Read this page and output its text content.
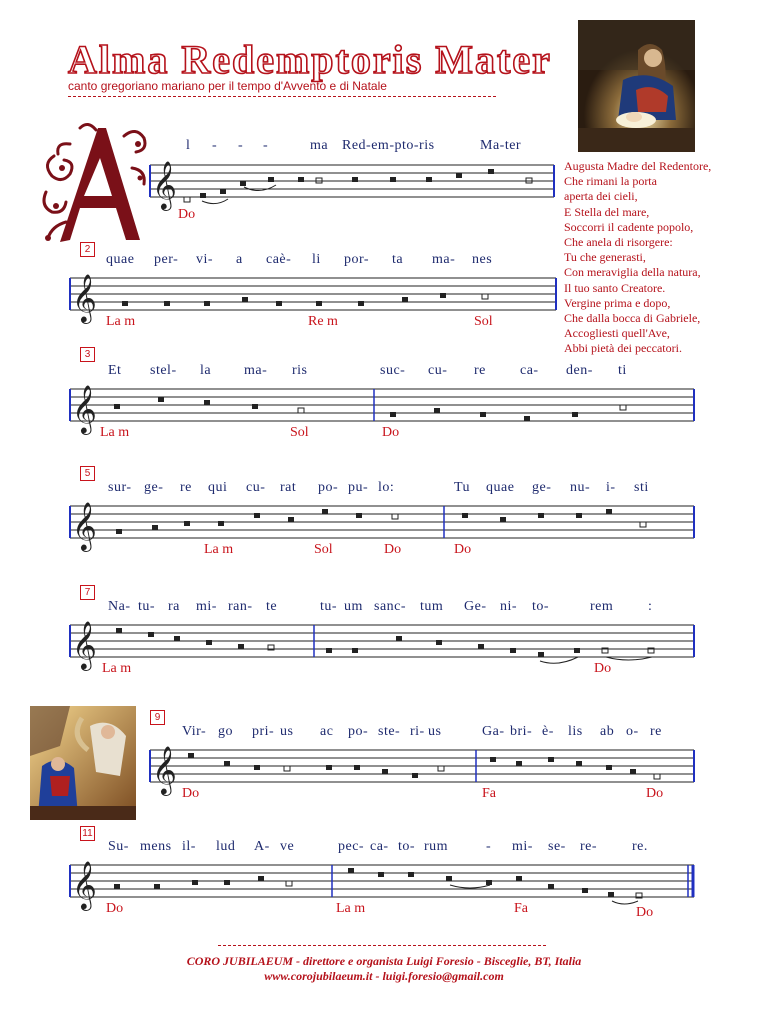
Alma Redemptoris Mater
canto gregoriano mariano per il tempo d'Avvento e di Natale
Augusta Madre del Redentore,
Che rimani la porta
aperta dei cieli,
E Stella del mare,
Soccorri il cadente popolo,
Che anela di risorgere:
Tu che generasti,
Con meraviglia della natura,
Il tuo santo Creatore.
Vergine prima e dopo,
Che dalla bocca di Gabriele,
Accogliesti quell'Ave,
Abbi pietà dei peccatori.
l - - -	ma Red-em-pto-ris	Ma-ter
𝄞
Do
2
quae per- vi- a caè- li por- ta ma- nes
𝄞 La m	Re m	Sol
3
Et stel- la ma- ris	suc- cu- re ca- den- ti
𝄞 La m	Sol	Do
5
sur- ge- re qui cu- rat po- pu- lo:	Tu quae ge- nu- i- sti
𝄞	La m	Sol	Do	Do
7
Na- tu- ra mi- ran- te	tu- um sanc- tum Ge- ni- to-	rem :
𝄞 La m	Do
9
Vir- go pri- us ac po- ste- ri- us	Ga- bri- è- lis ab o- re
𝄞 Do	Fa	Do
11
Su- mens il- lud A- ve	pec- ca- to- rum	- mi- se- re- re.
𝄞 Do	La m	Fa	Do
CORO JUBILAEUM - direttore e organista Luigi Foresio - Bisceglie, BT, Italia
www.corojubilaeum.it - luigi.foresio@gmail.com
